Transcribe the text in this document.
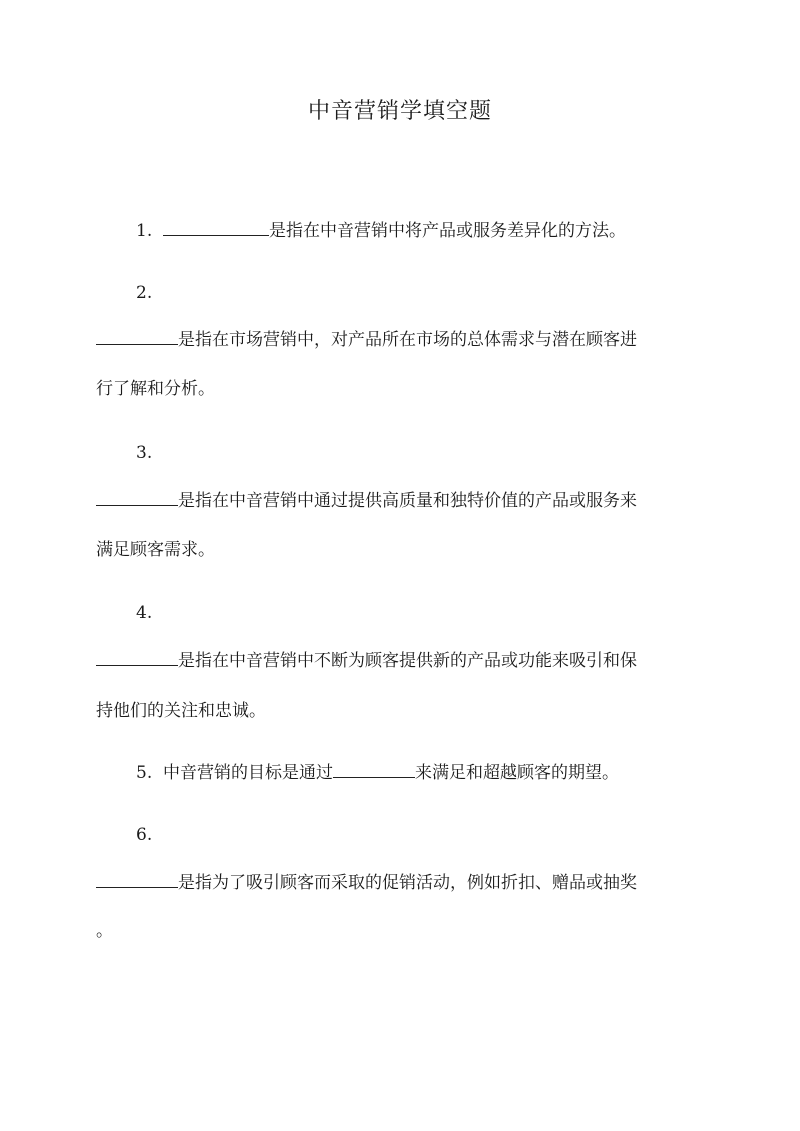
中音营销学填空题
1.	是指在中音营销中将产品或服务差异化的方法。
2.
是指在市场营销中，对产品所在市场的总体需求与潜在顾客进
行了解和分析。
3.
是指在中音营销中通过提供高质量和独特价值的产品或服务来
满足顾客需求。
4.
是指在中音营销中不断为顾客提供新的产品或功能来吸引和保
持他们的关注和忠诚。
5. 中音营销的目标是通过	来满足和超越顾客的期望。
6.
是指为了吸引顾客而采取的促销活动，例如折扣、赠品或抽奖
。
